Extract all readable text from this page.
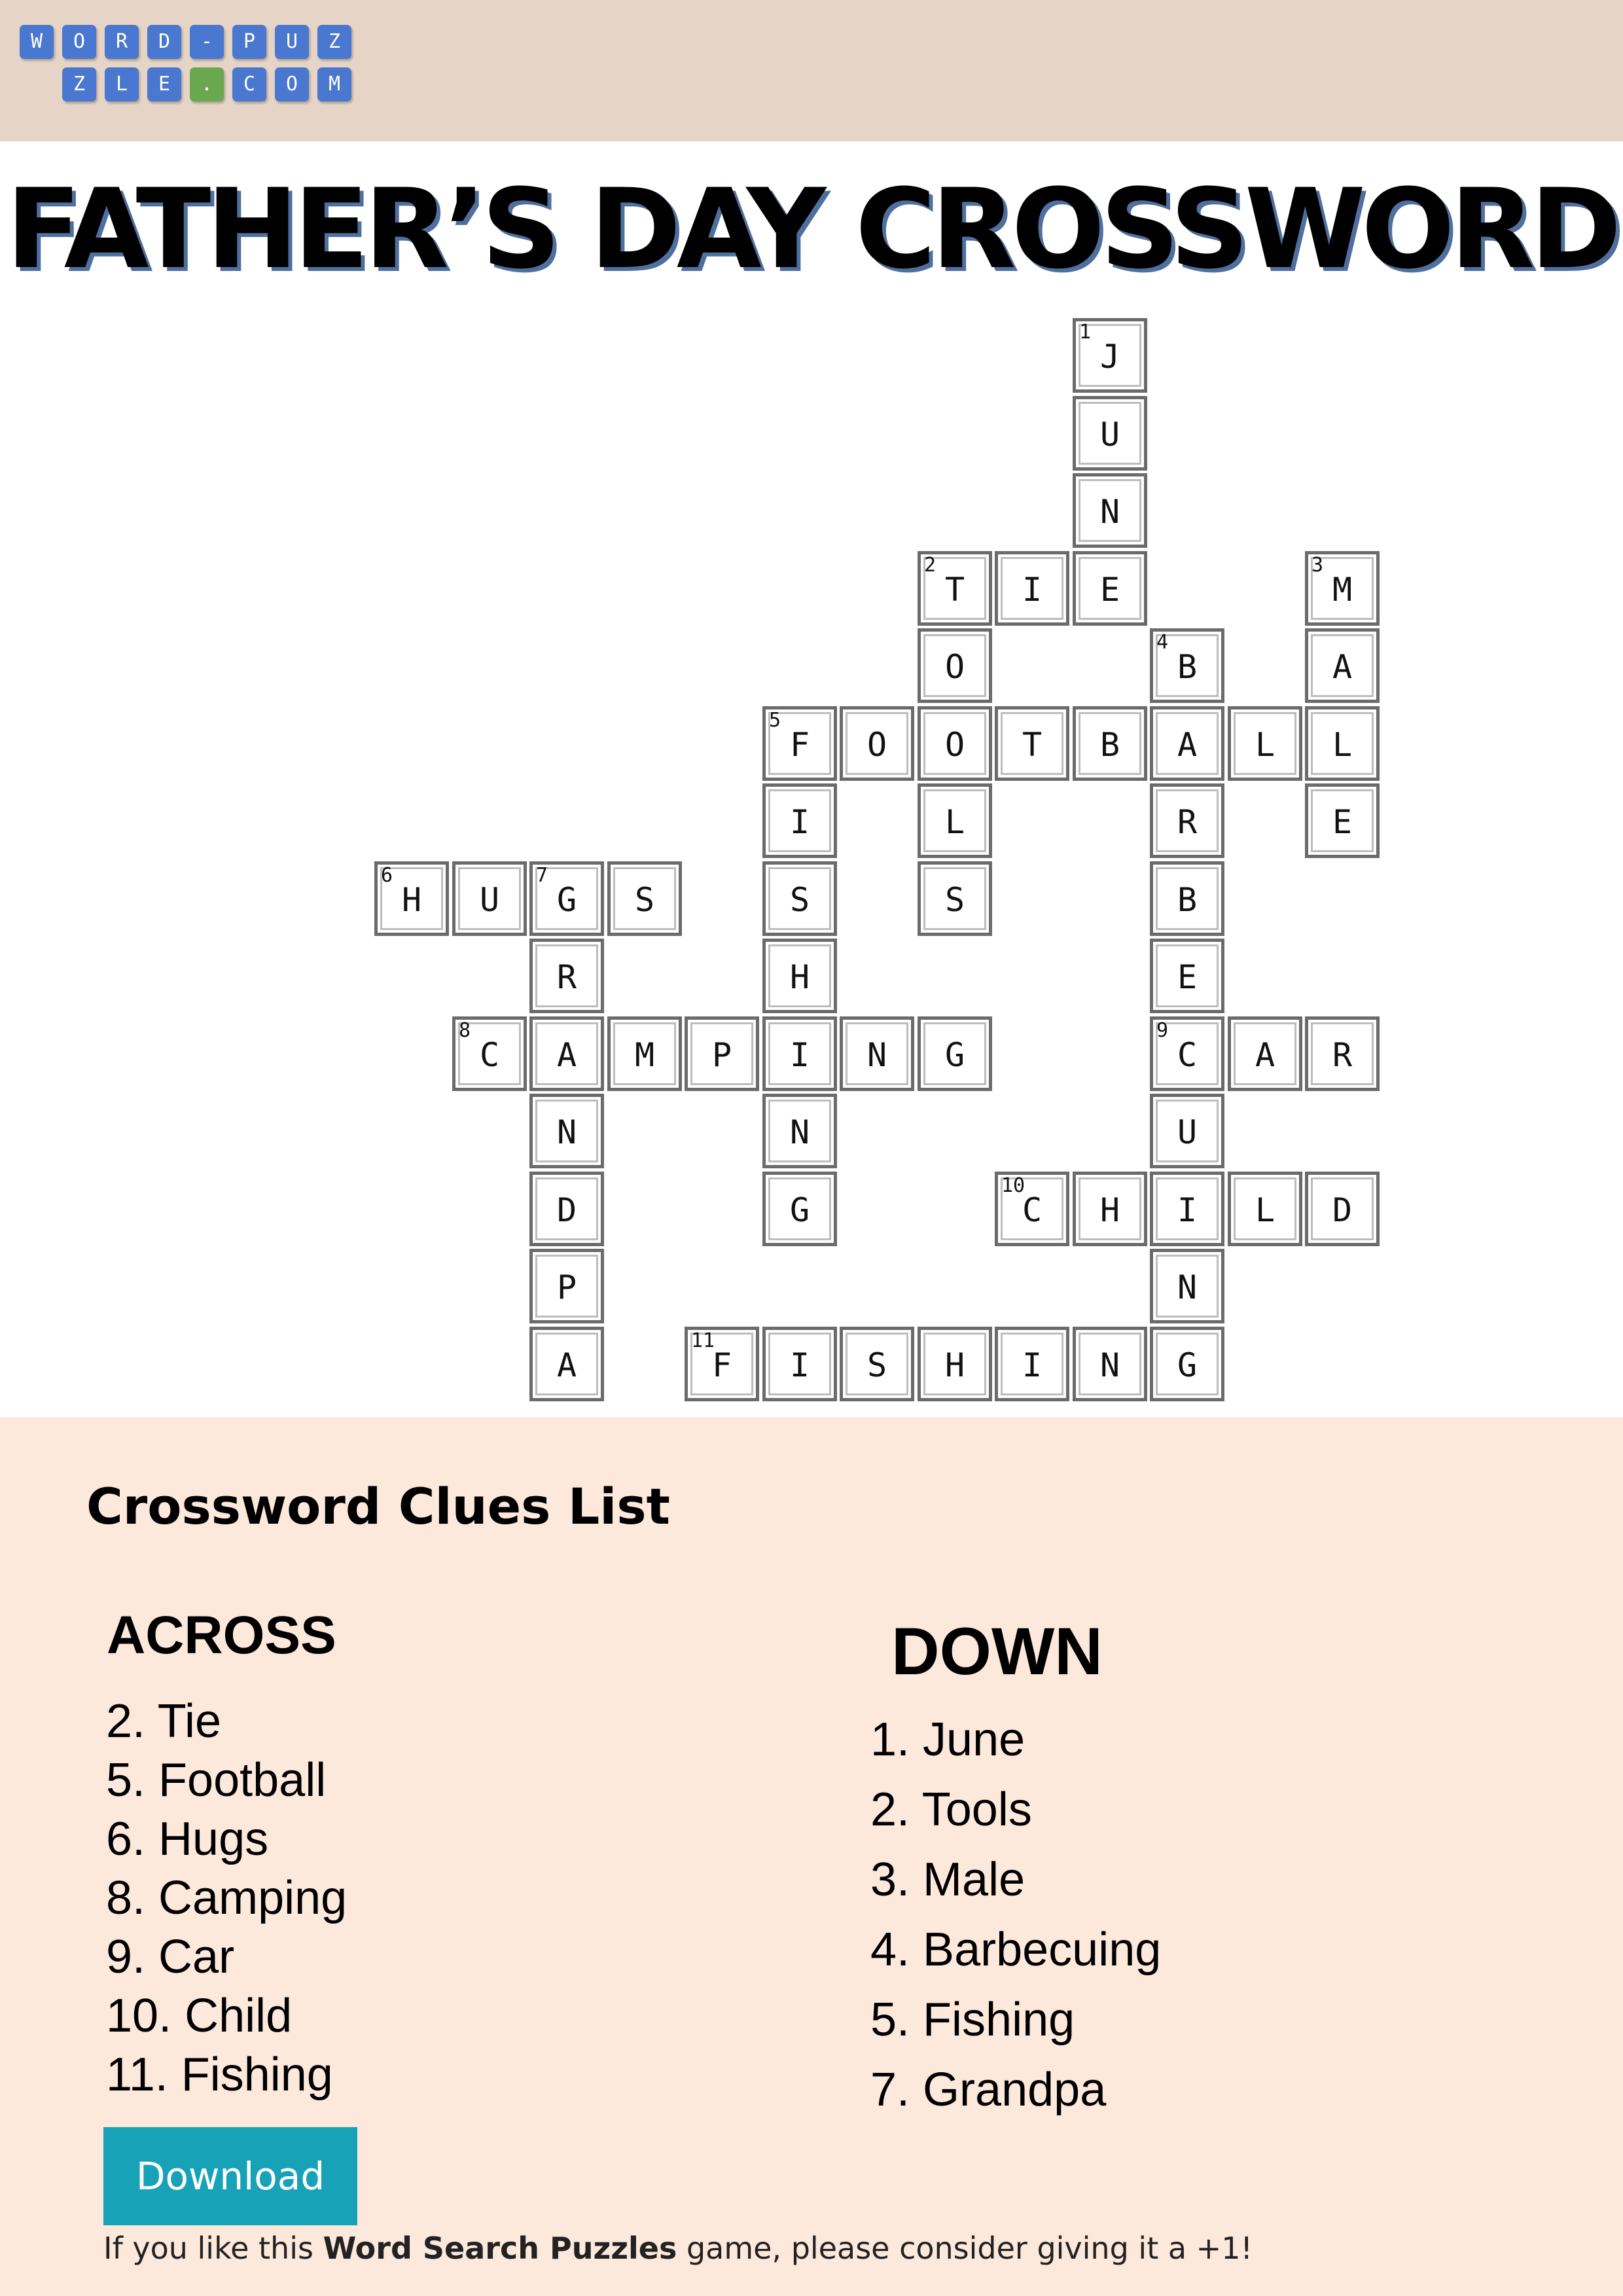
W	O	R	D	-	P	U	Z
Z	L	E	.	C	O	M
FATHER’S DAY CROSSWORD
J
1
U
N
T
2
I	E	M
3
O	B
4
A
F
5
O	O	T	B	A	L	L
I	L	R	E
H
6
U	G
7
S	S	S	B
R	H	E
C
8
A	M	P	I	N	G	C
9
A	R
N	N	U
D	G	C
10
H	I	L	D
P	N
A	F
11
I	S	H	I	N	G
Crossword Clues List
ACROSS	DOWN
2. Tie
5. Football
6. Hugs
8. Camping
9. Car
10. Child
11. Fishing
1. June
2. Tools
3. Male
4. Barbecuing
5. Fishing
7. Grandpa
Download
If you like this Word Search Puzzles game, please consider giving it a +1!
